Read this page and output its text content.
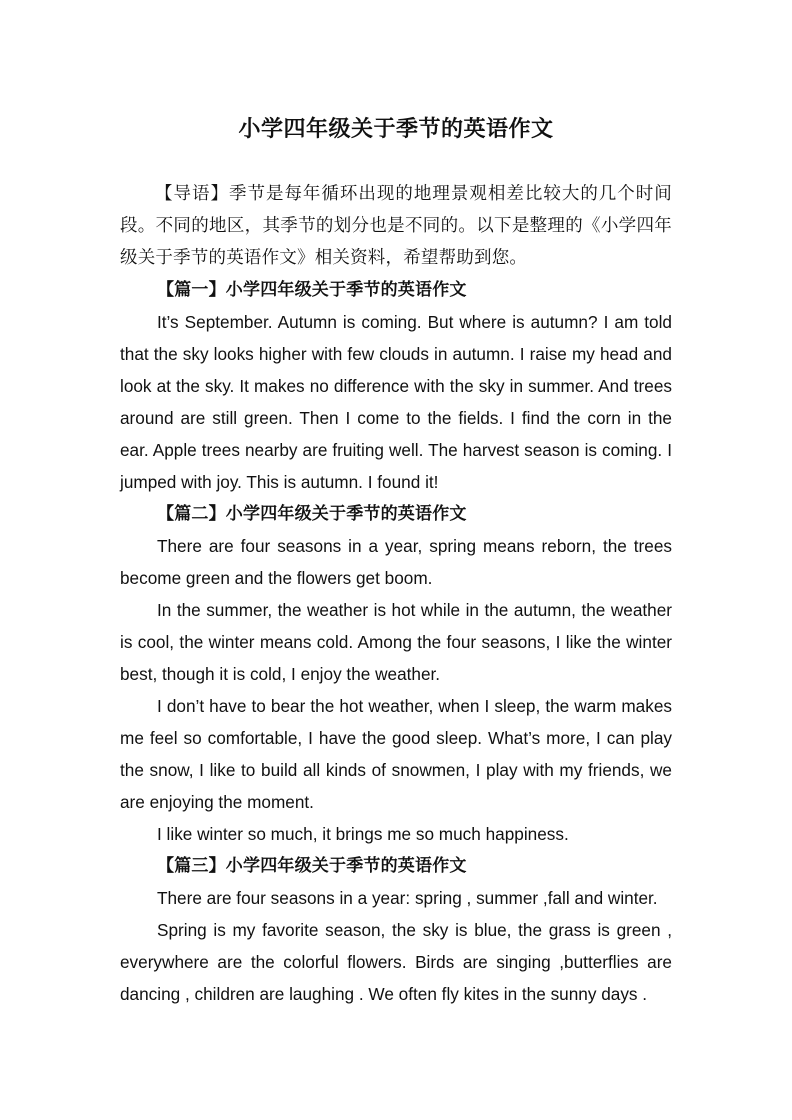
小学四年级关于季节的英语作文

【导语】季节是每年循环出现的地理景观相差比较大的几个时间段。不同的地区，其季节的划分也是不同的。以下是整理的《小学四年级关于季节的英语作文》相关资料，希望帮助到您。

【篇一】小学四年级关于季节的英语作文

It’s September. Autumn is coming. But where is autumn? I am told that the sky looks higher with few clouds in autumn. I raise my head and look at the sky. It makes no difference with the sky in summer. And trees around are still green. Then I come to the fields. I find the corn in the ear. Apple trees nearby are fruiting well. The harvest season is coming. I jumped with joy. This is autumn. I found it!

【篇二】小学四年级关于季节的英语作文

There are four seasons in a year, spring means reborn, the trees become green and the flowers get boom.

In the summer, the weather is hot while in the autumn, the weather is cool, the winter means cold. Among the four seasons, I like the winter best, though it is cold, I enjoy the weather.

I don’t have to bear the hot weather, when I sleep, the warm makes me feel so comfortable, I have the good sleep. What’s more, I can play the snow, I like to build all kinds of snowmen, I play with my friends, we are enjoying the moment.

I like winter so much, it brings me so much happiness.

【篇三】小学四年级关于季节的英语作文

There are four seasons in a year: spring , summer ,fall and winter.

Spring is my favorite season, the sky is blue, the grass is green , everywhere are the colorful flowers. Birds are singing ,butterflies are dancing , children are laughing . We often fly kites in the sunny days .
